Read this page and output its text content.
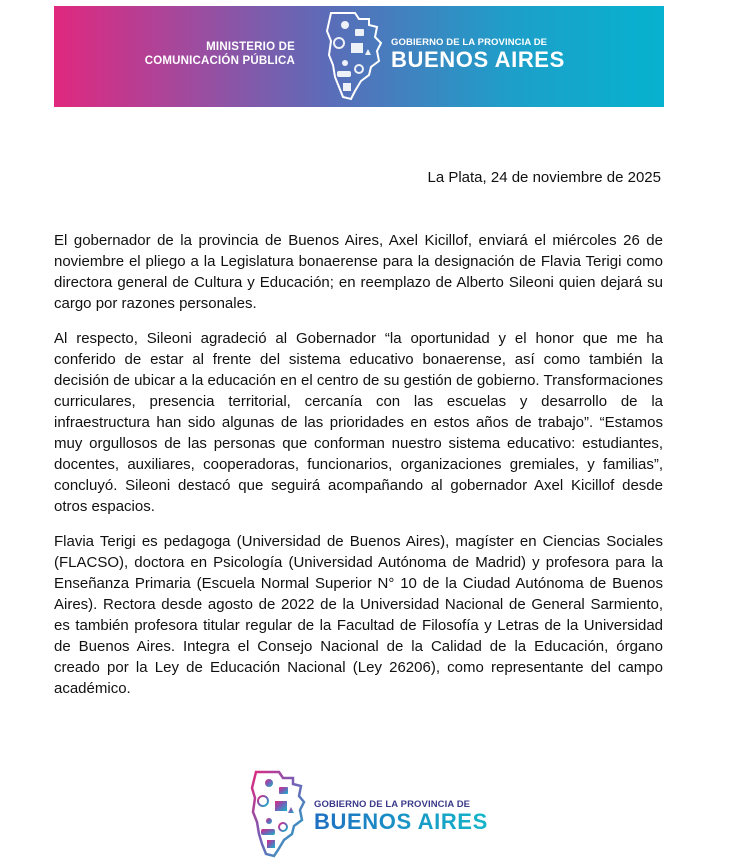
MINISTERIO DE
COMUNICACIÓN PÚBLICA
GOBIERNO DE LA PROVINCIA DE
BUENOS AIRES
La Plata, 24 de noviembre de 2025

El gobernador de la provincia de Buenos Aires, Axel Kicillof, enviará el miércoles 26 de noviembre el pliego a la Legislatura bonaerense para la designación de Flavia Terigi como directora general de Cultura y Educación; en reemplazo de Alberto Sileoni quien dejará su cargo por razones personales.

Al respecto, Sileoni agradeció al Gobernador “la oportunidad y el honor que me ha conferido de estar al frente del sistema educativo bonaerense, así como también la decisión de ubicar a la educación en el centro de su gestión de gobierno. Transformaciones curriculares, presencia territorial, cercanía con las escuelas y desarrollo de la infraestructura han sido algunas de las prioridades en estos años de trabajo”. “Estamos muy orgullosos de las personas que conforman nuestro sistema educativo: estudiantes, docentes, auxiliares, cooperadoras, funcionarios, organizaciones gremiales, y familias”, concluyó. Sileoni destacó que seguirá acompañando al gobernador Axel Kicillof desde otros espacios.

Flavia Terigi es pedagoga (Universidad de Buenos Aires), magíster en Ciencias Sociales (FLACSO), doctora en Psicología (Universidad Autónoma de Madrid) y profesora para la Enseñanza Primaria (Escuela Normal Superior N° 10 de la Ciudad Autónoma de Buenos Aires). Rectora desde agosto de 2022 de la Universidad Nacional de General Sarmiento, es también profesora titular regular de la Facultad de Filosofía y Letras de la Universidad de Buenos Aires. Integra el Consejo Nacional de la Calidad de la Educación, órgano creado por la Ley de Educación Nacional (Ley 26206), como representante del campo académico.

GOBIERNO DE LA PROVINCIA DE
BUENOS AIRES
